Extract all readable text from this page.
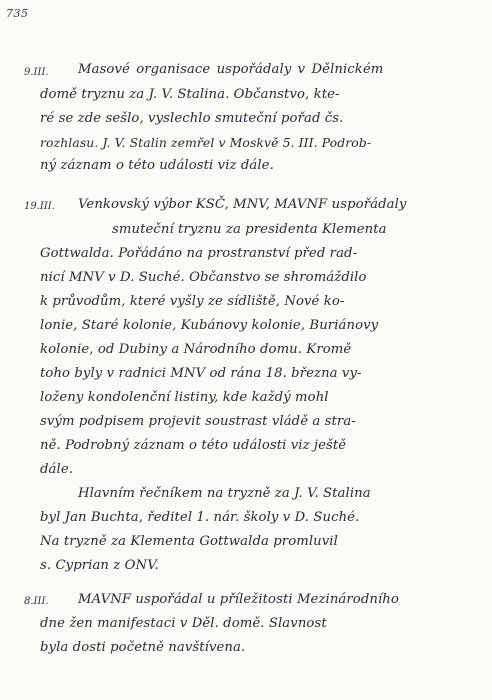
735
9.III. Masové organisace uspořádaly v Dělnickém
domě tryznu za J. V. Stalina. Občanstvo, kte-
ré se zde sešlo, vyslechlo smuteční pořad čs.
rozhlasu. J. V. Stalin zemřel v Moskvě 5. III. Podrob-
ný záznam o této události viz dále.
19.III. Venkovský výbor KSČ, MNV, MAVNF uspořádaly
smuteční tryznu za presidenta Klementa
Gottwalda. Pořádáno na prostranství před rad-
nicí MNV v D. Suché. Občanstvo se shromáždilo
k průvodům, které vyšly ze sídliště, Nové ko-
lonie, Staré kolonie, Kubánovy kolonie, Buriánovy
kolonie, od Dubiny a Národního domu. Kromě
toho byly v radnici MNV od rána 18. března vy-
loženy kondolenční listiny, kde každý mohl
svým podpisem projevit soustrast vládě a stra-
ně. Podrobný záznam o této události viz ještě
dále.
Hlavním řečníkem na tryzně za J. V. Stalina
byl Jan Buchta, ředitel 1. nár. školy v D. Suché.
Na tryzně za Klementa Gottwalda promluvil
s. Cyprian z ONV.
8.III. MAVNF uspořádal u příležitosti Mezinárodního
dne žen manifestaci v Děl. domě. Slavnost
byla dosti početně navštívena.
